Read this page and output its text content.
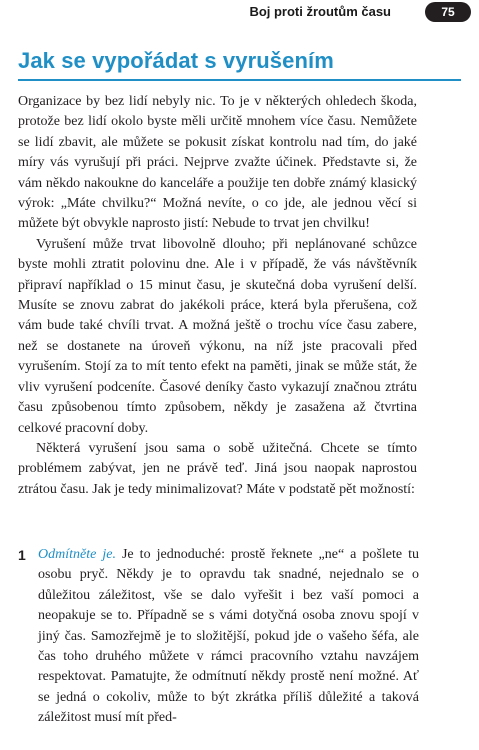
Boj proti žroutům času	75
Jak se vypořádat s vyrušením

Organizace by bez lidí nebyly nic. To je v některých ohledech škoda, protože bez lidí okolo byste měli určitě mnohem více času. Nemůžete se lidí zbavit, ale můžete se pokusit získat kontrolu nad tím, do jaké míry vás vyrušují při práci. Nejprve zvažte účinek. Představte si, že vám někdo nakoukne do kanceláře a použije ten dobře známý klasický výrok: „Máte chvilku?“ Možná nevíte, o co jde, ale jednou věcí si můžete být obvykle naprosto jistí: Nebude to trvat jen chvilku!

Vyrušení může trvat libovolně dlouho; při neplánované schůzce byste mohli ztratit polovinu dne. Ale i v případě, že vás návštěvník připraví například o 15 minut času, je skutečná doba vyrušení delší. Musíte se znovu zabrat do jakékoli práce, která byla přerušena, což vám bude také chvíli trvat. A možná ještě o trochu více času zabere, než se dostanete na úroveň výkonu, na níž jste pracovali před vyrušením. Stojí za to mít tento efekt na paměti, jinak se může stát, že vliv vyrušení podceníte. Časové deníky často vykazují značnou ztrátu času způsobenou tímto způsobem, někdy je zasažena až čtvrtina celkové pracovní doby.

Některá vyrušení jsou sama o sobě užitečná. Chcete se tímto problémem zabývat, jen ne právě teď. Jiná jsou naopak naprostou ztrátou času. Jak je tedy minimalizovat? Máte v podstatě pět možností:

1 Odmítněte je. Je to jednoduché: prostě řeknete „ne“ a pošlete tu osobu pryč. Někdy je to opravdu tak snadné, nejednalo se o důležitou záležitost, vše se dalo vyřešit i bez vaší pomoci a neopakuje se to. Případně se s vámi dotyčná osoba znovu spojí v jiný čas. Samozřejmě je to složitější, pokud jde o vašeho šéfa, ale čas toho druhého můžete v rámci pracovního vztahu navzájem respektovat. Pamatujte, že odmítnutí někdy prostě není možné. Ať se jedná o cokoliv, může to být zkrátka příliš důležité a taková záležitost musí mít před-
